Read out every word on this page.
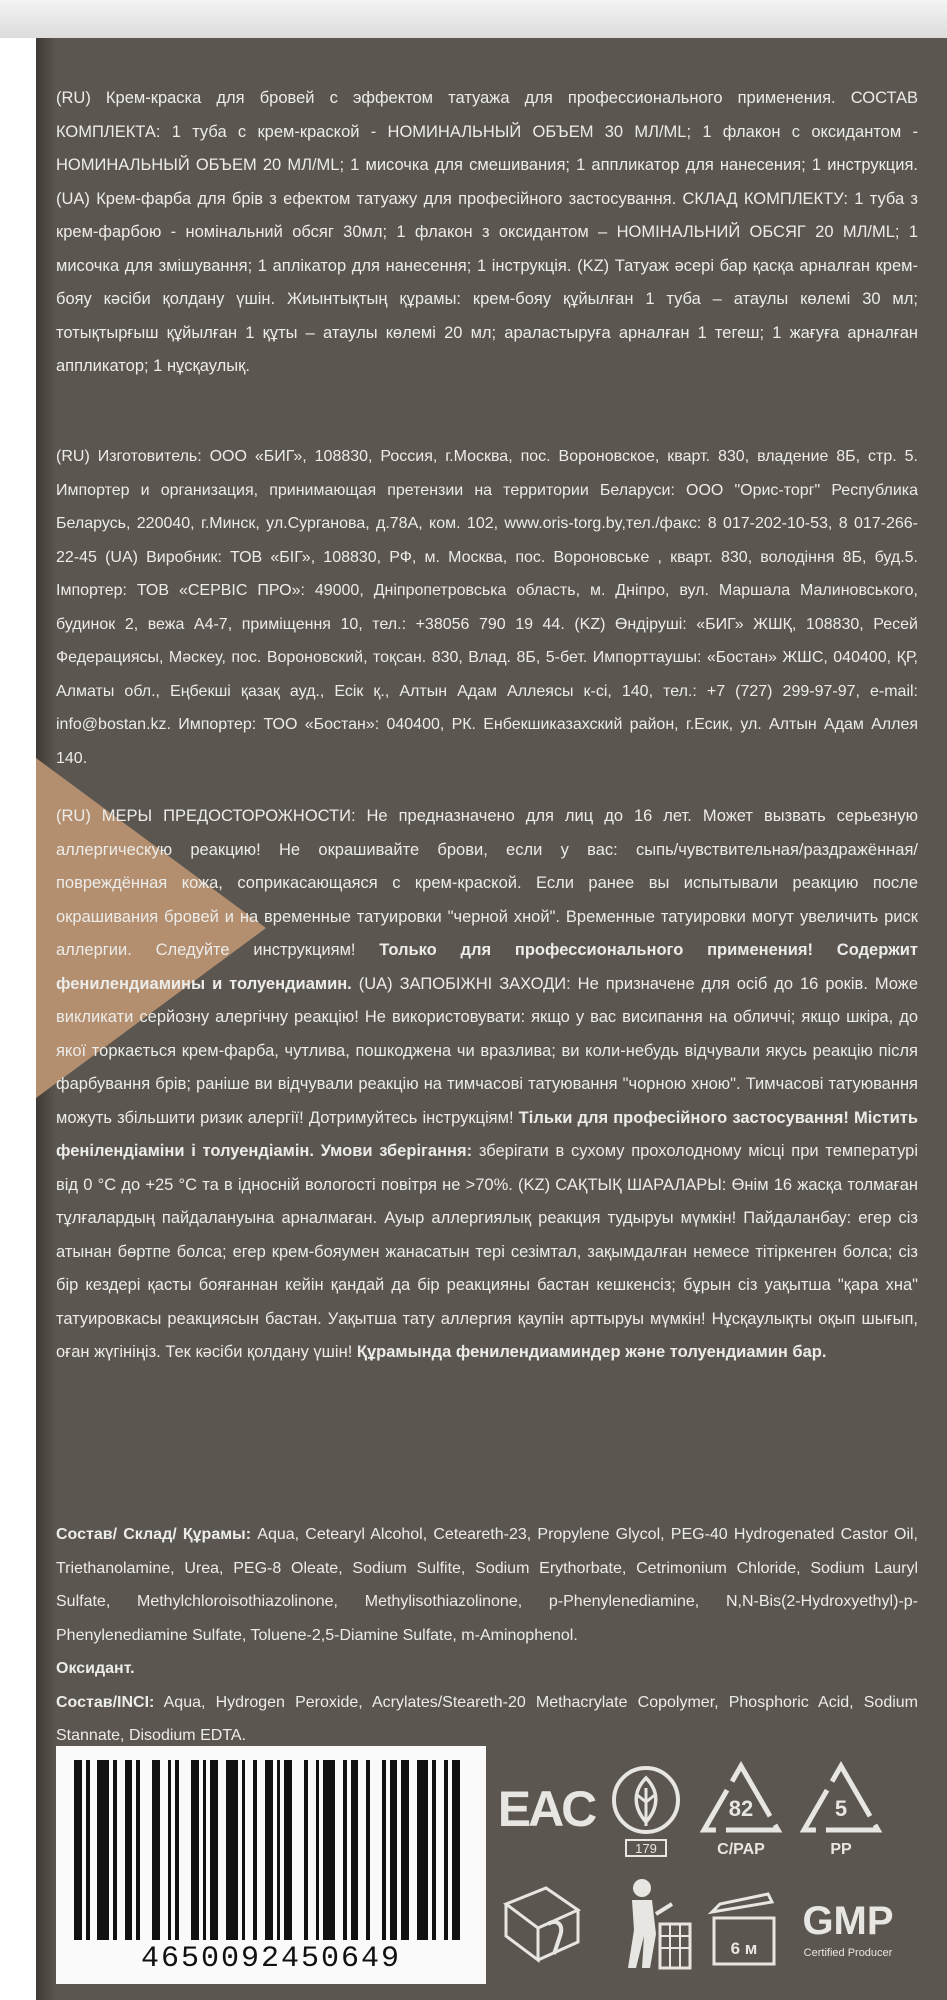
(RU) Крем-краска для бровей с эффектом татуажа для профессионального применения. СОСТАВ КОМПЛЕКТА: 1 туба с крем-краской - НОМИНАЛЬНЫЙ ОБЪЕМ 30 МЛ/ML; 1 флакон с оксидантом - НОМИНАЛЬНЫЙ ОБЪЕМ 20 МЛ/ML; 1 мисочка для смешивания; 1 аппликатор для нанесения; 1 инструкция. (UA) Крем-фарба для брів з ефектом татуажу для професійного застосування. СКЛАД КОМПЛЕКТУ: 1 туба з крем-фарбою - номінальний обсяг 30мл; 1 флакон з оксидантом – НОМІНАЛЬНИЙ ОБСЯГ 20 МЛ/ML; 1 мисочка для змішування; 1 аплікатор для нанесення; 1 інструкція. (KZ) Татуаж әсері бар қасқа арналған крем-бояу кәсіби қолдану үшін. Жиынтықтың құрамы: крем-бояу құйылған 1 туба – атаулы көлемі 30 мл; тотықтырғыш құйылған 1 құты – атаулы көлемі 20 мл; араластыруға арналған 1 тегеш; 1 жағуға арналған аппликатор; 1 нұсқаулық.

(RU) Изготовитель: ООО «БИГ», 108830, Россия, г.Москва, пос. Вороновское, кварт. 830, владение 8Б, стр. 5. Импортер и организация, принимающая претензии на территории Беларуси: ООО "Орис-торг" Республика Беларусь, 220040, г.Минск, ул.Сурганова, д.78А, ком. 102, www.oris-torg.by,тел./факс: 8 017-202-10-53, 8 017-266-22-45 (UA) Виробник: ТОВ «БІГ», 108830, РФ, м. Москва, пос. Вороновське , кварт. 830, володіння 8Б, буд.5. Імпортер: ТОВ «СЕРВІС ПРО»: 49000, Дніпропетровська область, м. Дніпро, вул. Маршала Малиновського, будинок 2, вежа А4-7, приміщення 10, тел.: +38056 790 19 44. (KZ) Өндіруші: «БИГ» ЖШҚ, 108830, Ресей Федерациясы, Мәскеу, пос. Вороновский, тоқсан. 830, Влад. 8Б, 5-бет. Импорттаушы: «Бостан» ЖШС, 040400, ҚР, Алматы обл., Еңбекші қазақ ауд., Есік қ., Алтын Адам Аллеясы к-сі, 140, тел.: +7 (727) 299-97-97, e-mail: info@bostan.kz. Импортер: ТОО «Бостан»: 040400, РК. Енбекшиказахский район, г.Есик, ул. Алтын Адам Аллея 140.

(RU) МЕРЫ ПРЕДОСТОРОЖНОСТИ: Не предназначено для лиц до 16 лет. Может вызвать серьезную аллергическую реакцию! Не окрашивайте брови, если у вас: сыпь/чувствительная/раздражённая/повреждённая кожа, соприкасающаяся с крем-краской. Если ранее вы испытывали реакцию после окрашивания бровей и на временные татуировки "черной хной". Временные татуировки могут увеличить риск аллергии. Следуйте инструкциям! Только для профессионального применения! Содержит фенилендиамины и толуендиамин. (UA) ЗАПОБІЖНІ ЗАХОДИ: Не призначене для осіб до 16 років. Може викликати серйозну алергічну реакцію! Не використовувати: якщо у вас висипання на обличчі; якщо шкіра, до якої торкається крем-фарба, чутлива, пошкоджена чи вразлива; ви коли-небудь відчували якусь реакцію після фарбування брів; раніше ви відчували реакцію на тимчасові татуювання "чорною хною". Тимчасові татуювання можуть збільшити ризик алергії! Дотримуйтесь інструкціям! Тільки для професійного застосування! Містить фенілендіаміни і толуендіамін. Умови зберігання: зберігати в сухому прохолодному місці при температурі від 0 °С до +25 °С та в ідносній вологості повітря не >70%. (KZ) САҚТЫҚ ШАРАЛАРЫ: Өнім 16 жасқа толмаған тұлғалардың пайдалануына арналмаған. Ауыр аллергиялық реакция тудыруы мүмкін! Пайдаланбау: егер сіз атынан бөртпе болса; егер крем-бояумен жанасатын тері сезімтал, зақымдалған немесе тітіркенген болса; сіз бір кездері қасты бояғаннан кейін қандай да бір реакцияны бастан кешкенсіз; бұрын сіз уақытша "қара хна" татуировкасы реакциясын бастан. Уақытша тату аллергия қаупін арттыруы мүмкін! Нұсқаулықты оқып шығып, оған жүгініңіз. Тек кәсіби қолдану үшін! Құрамында фенилендиаминдер және толуендиамин бар.

Состав/ Склад/ Құрамы: Aqua, Cetearyl Alcohol, Ceteareth-23, Propylene Glycol, PEG-40 Hydrogenated Castor Oil, Triethanolamine, Urea, PEG-8 Oleate, Sodium Sulfite, Sodium Erythorbate, Cetrimonium Chloride, Sodium Lauryl Sulfate, Methylchloroisothiazolinone, Methylisothiazolinone, p-Phenylenediamine, N,N-Bis(2-Hydroxyethyl)-p-Phenylenediamine Sulfate, Toluene-2,5-Diamine Sulfate, m-Aminophenol.

Оксидант.

Состав/INCI: Aqua, Hydrogen Peroxide, Acrylates/Steareth-20 Methacrylate Copolymer, Phosphoric Acid, Sodium Stannate, Disodium EDTA.

EAC
179
82
C/PAP
5
PP
6 м
GMP
Certified Producer
4650092450649
